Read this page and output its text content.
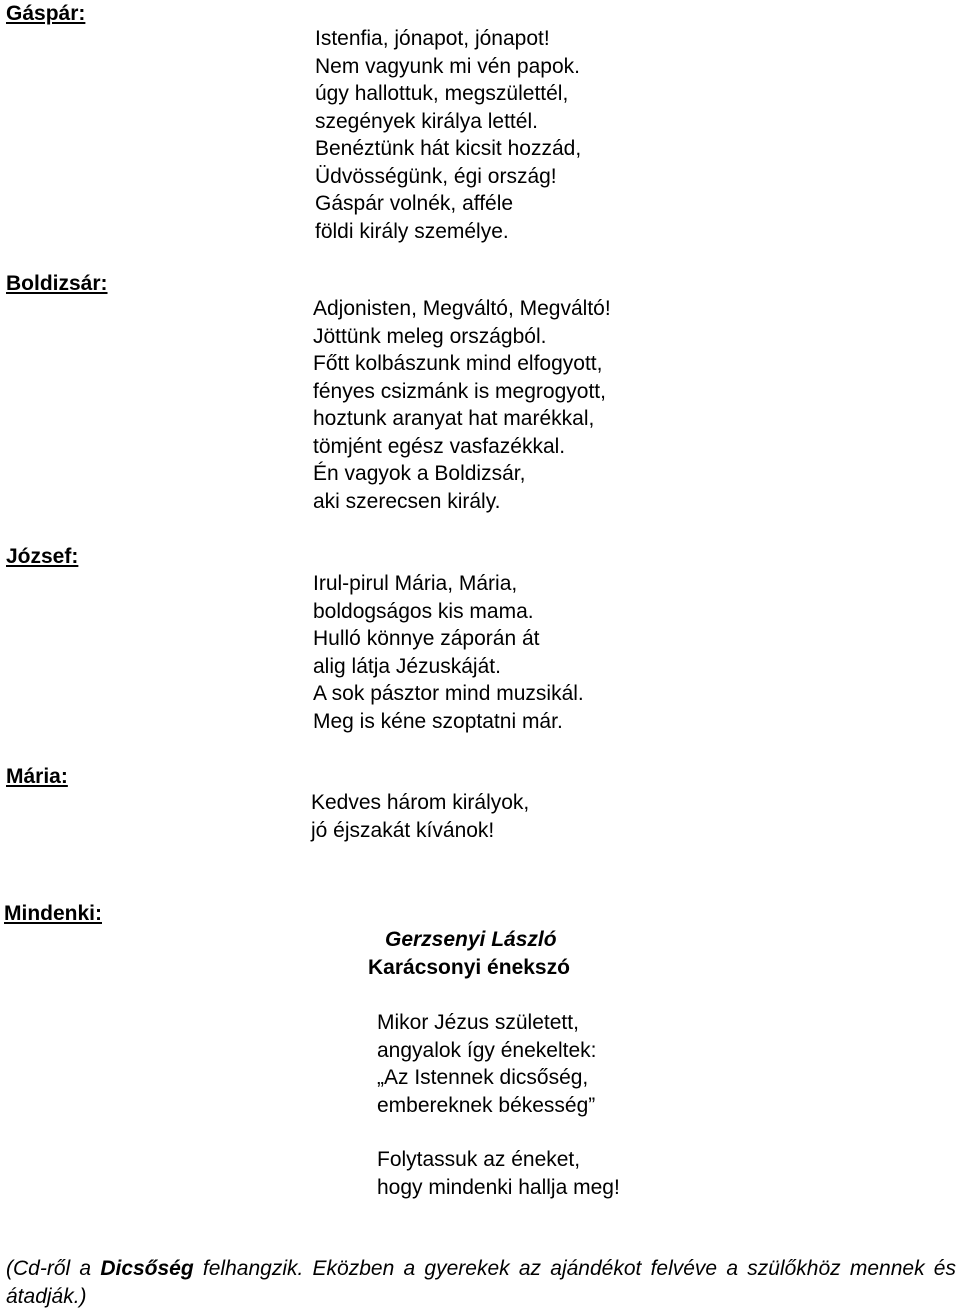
Gáspár:

Boldizsár:

József:

Mária:

Mindenki:

Istenfia, jónapot, jónapot!
Nem vagyunk mi vén papok.
úgy hallottuk, megszülettél,
szegények királya lettél.
Benéztünk hát kicsit hozzád,
Üdvösségünk, égi ország!
Gáspár volnék, afféle
földi király személye.
Adjonisten, Megváltó, Megváltó!
Jöttünk meleg országból.
Főtt kolbászunk mind elfogyott,
fényes csizmánk is megrogyott,
hoztunk aranyat hat marékkal,
tömjént egész vasfazékkal.
Én vagyok a Boldizsár,
aki szerecsen király.
Irul-pirul Mária, Mária,
boldogságos kis mama.
Hulló könnye záporán át
alig látja Jézuskáját.
A sok pásztor mind muzsikál.
Meg is kéne szoptatni már.
Kedves három királyok,
jó éjszakát kívánok!

Gerzsenyi László

Karácsonyi énekszó

Mikor Jézus született,
angyalok így énekeltek:
„Az Istennek dicsőség,
embereknek békesség”
Folytassuk az éneket,
hogy mindenki hallja meg!

(Cd-ről a Dicsőség felhangzik. Eközben a gyerekek az ajándékot felvéve a szülőkhöz mennek és átadják.)
